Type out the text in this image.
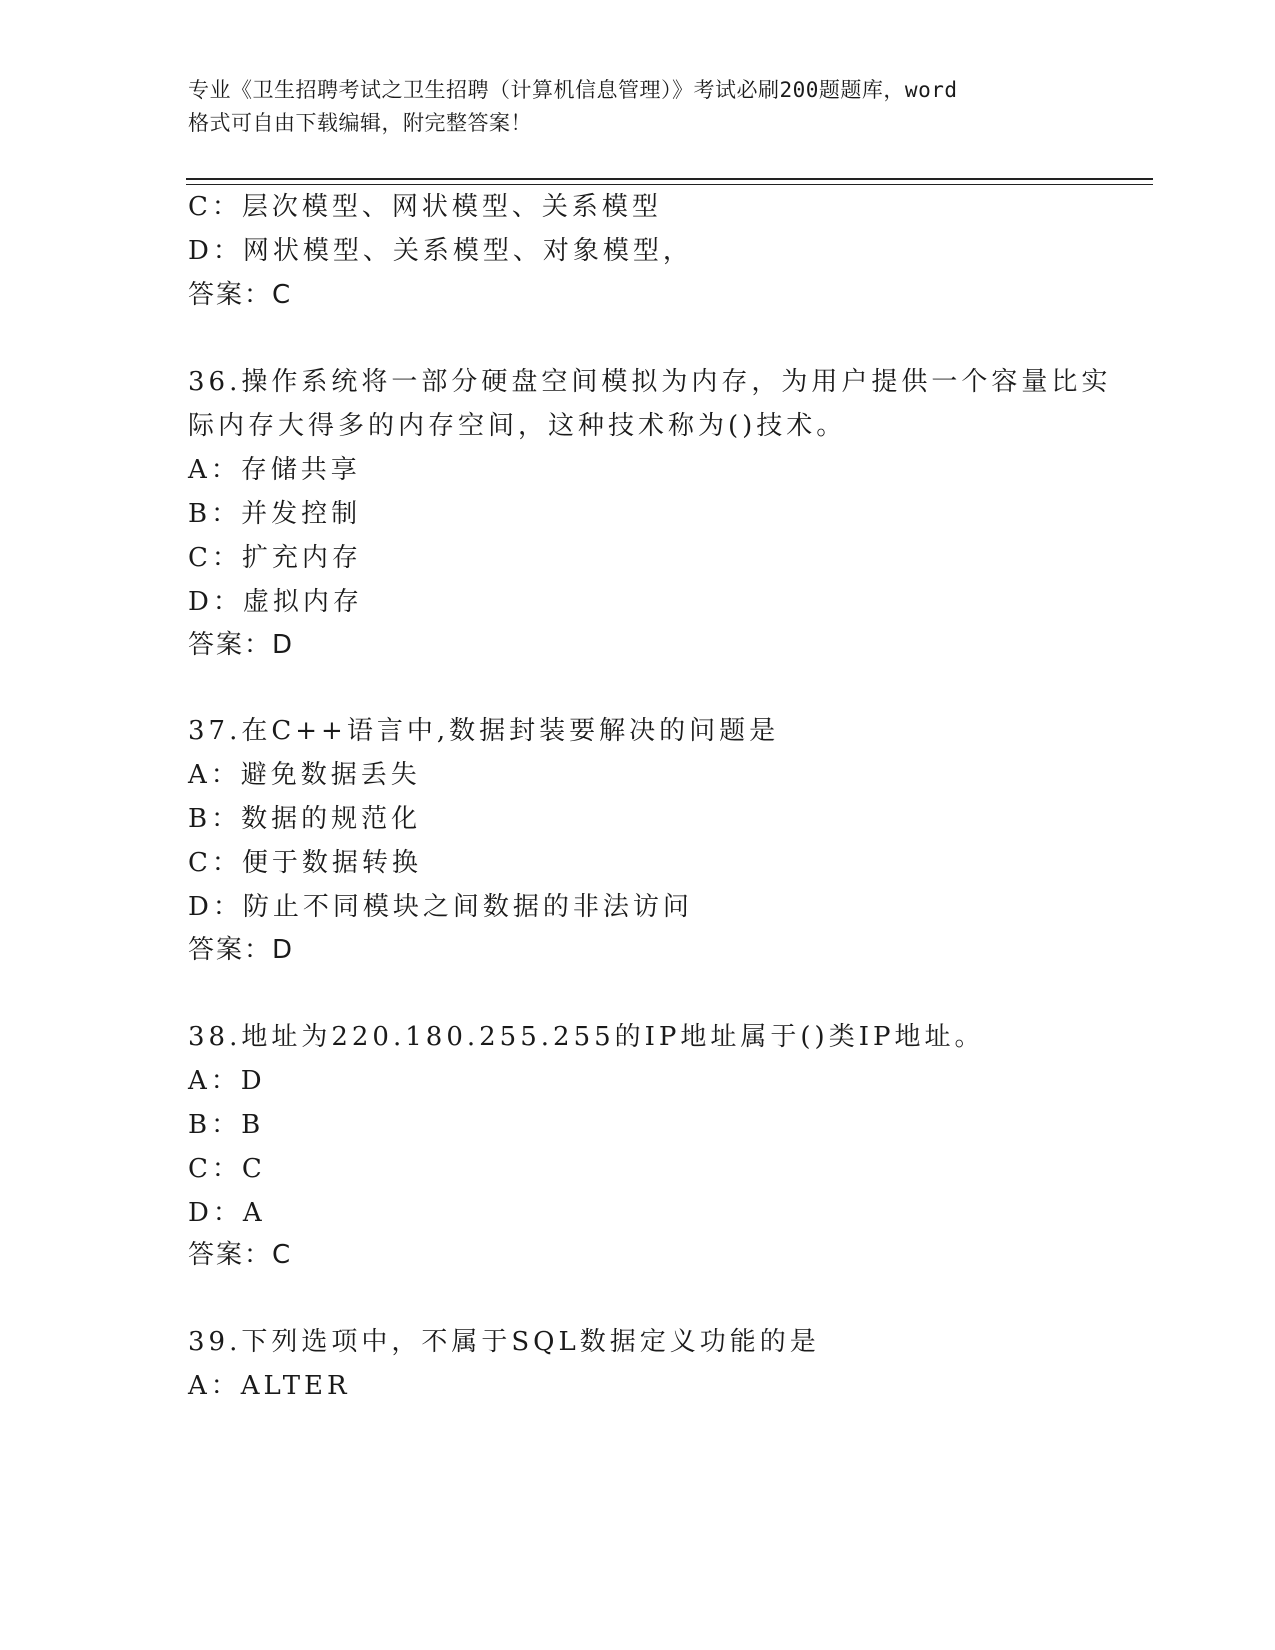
专业《卫生招聘考试之卫生招聘（计算机信息管理）》考试必刷200题题库，word
格式可自由下载编辑，附完整答案！
C：层次模型、网状模型、关系模型
D：网状模型、关系模型、对象模型，
答案：C
36.操作系统将一部分硬盘空间模拟为内存，为用户提供一个容量比实
际内存大得多的内存空间，这种技术称为()技术。
A：存储共享
B：并发控制
C：扩充内存
D：虚拟内存
答案：D
37.在C++语言中,数据封装要解决的问题是
A：避免数据丢失
B：数据的规范化
C：便于数据转换
D：防止不同模块之间数据的非法访问
答案：D
38.地址为220.180.255.255的IP地址属于()类IP地址。
A：D
B：B
C：C
D：A
答案：C
39.下列选项中，不属于SQL数据定义功能的是
A：ALTER
